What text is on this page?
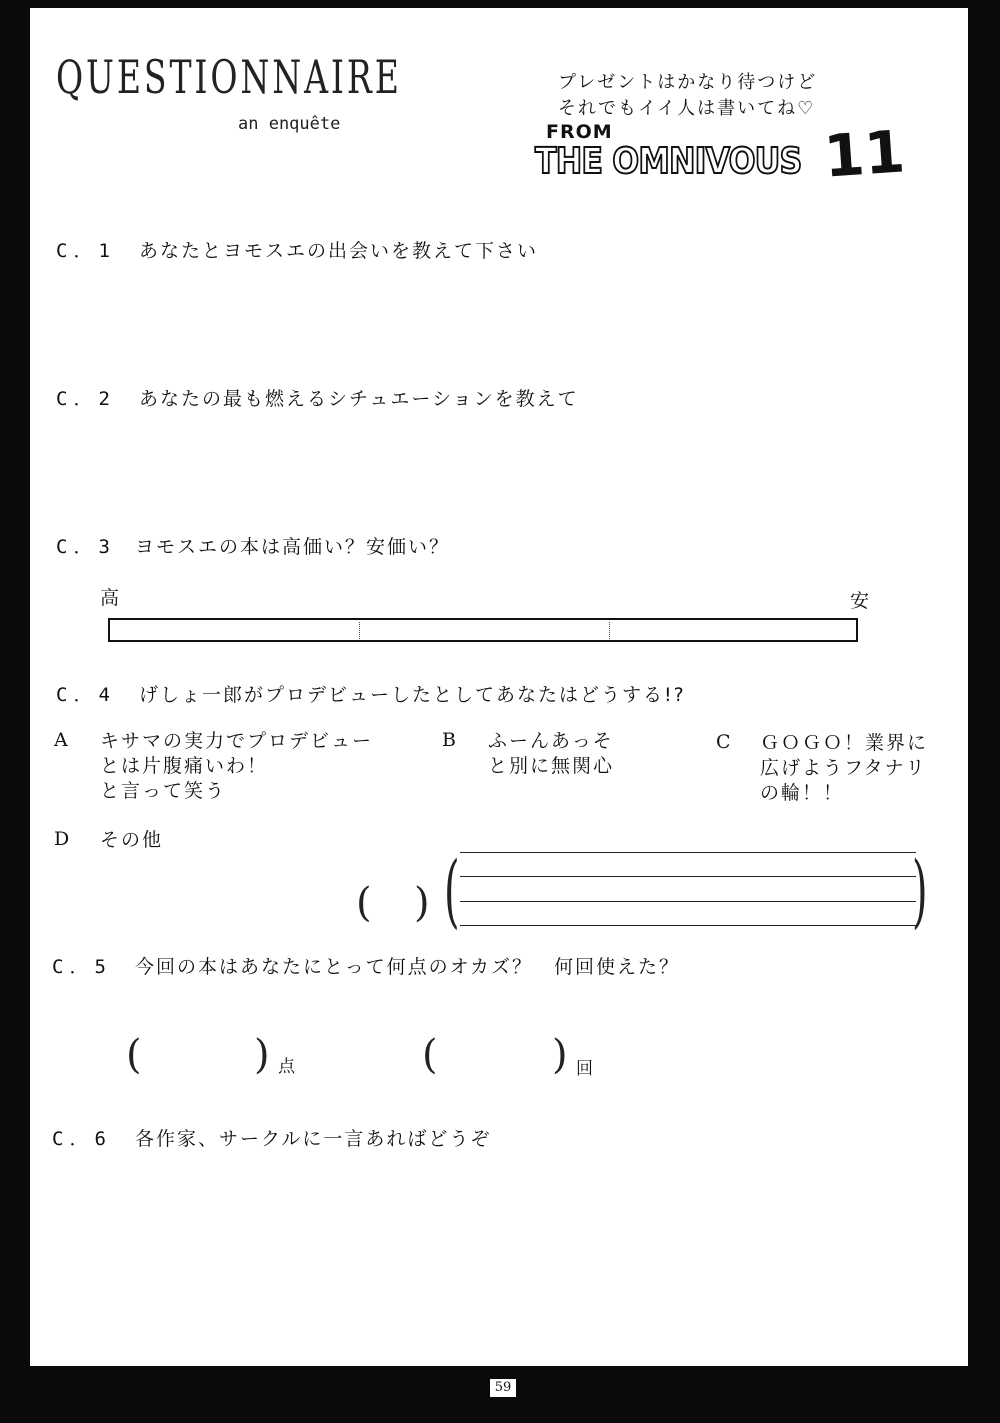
QUESTIONNAIRE
an enquête
プレゼントはかなり待つけど
それでもイイ人は書いてね♡
FROM
THE OMNIVOUS 11
C．1 あなたとヨモスエの出会いを教えて下さい
C．2 あなたの最も燃えるシチュエーションを教えて
C．3 ヨモスエの本は高価い？安価い？
高	安
C．4 げしょ一郎がプロデビューしたとしてあなたはどうする!?
A キサマの実力でプロデビュー
とは片腹痛いわ！
と言って笑う
B ふーんあっそ
と別に無関心
C ＧＯＧＯ！業界に
広げようフタナリ
の輪！！
D その他
( ) (	)
C．5 今回の本はあなたにとって何点のオカズ？　何回使えた？
(	) 点	(	) 回
C．6 各作家、サークルに一言あればどうぞ
59
